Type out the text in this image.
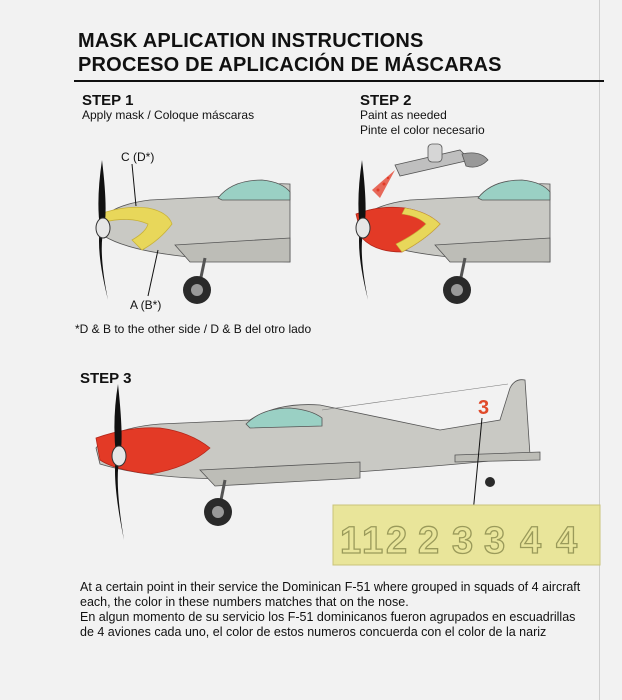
MASK APLICATION INSTRUCTIONS
PROCESO DE APLICACIÓN DE MÁSCARAS
STEP 1
Apply mask / Coloque máscaras
C (D*)
A (B*)
*D & B to the other side / D & B del otro lado
STEP 2
Paint as needed
Pinte el color necesario
STEP 3
3
1 1 2 2 3 3 4 4
At a certain point in their service the Dominican F-51 where grouped in squads of 4 aircraft
each, the color in these numbers matches that on the nose.
En algun momento de su servicio los F-51 dominicanos fueron agrupados en escuadrillas
de 4 aviones cada uno, el color de estos numeros concuerda con el color de la nariz
